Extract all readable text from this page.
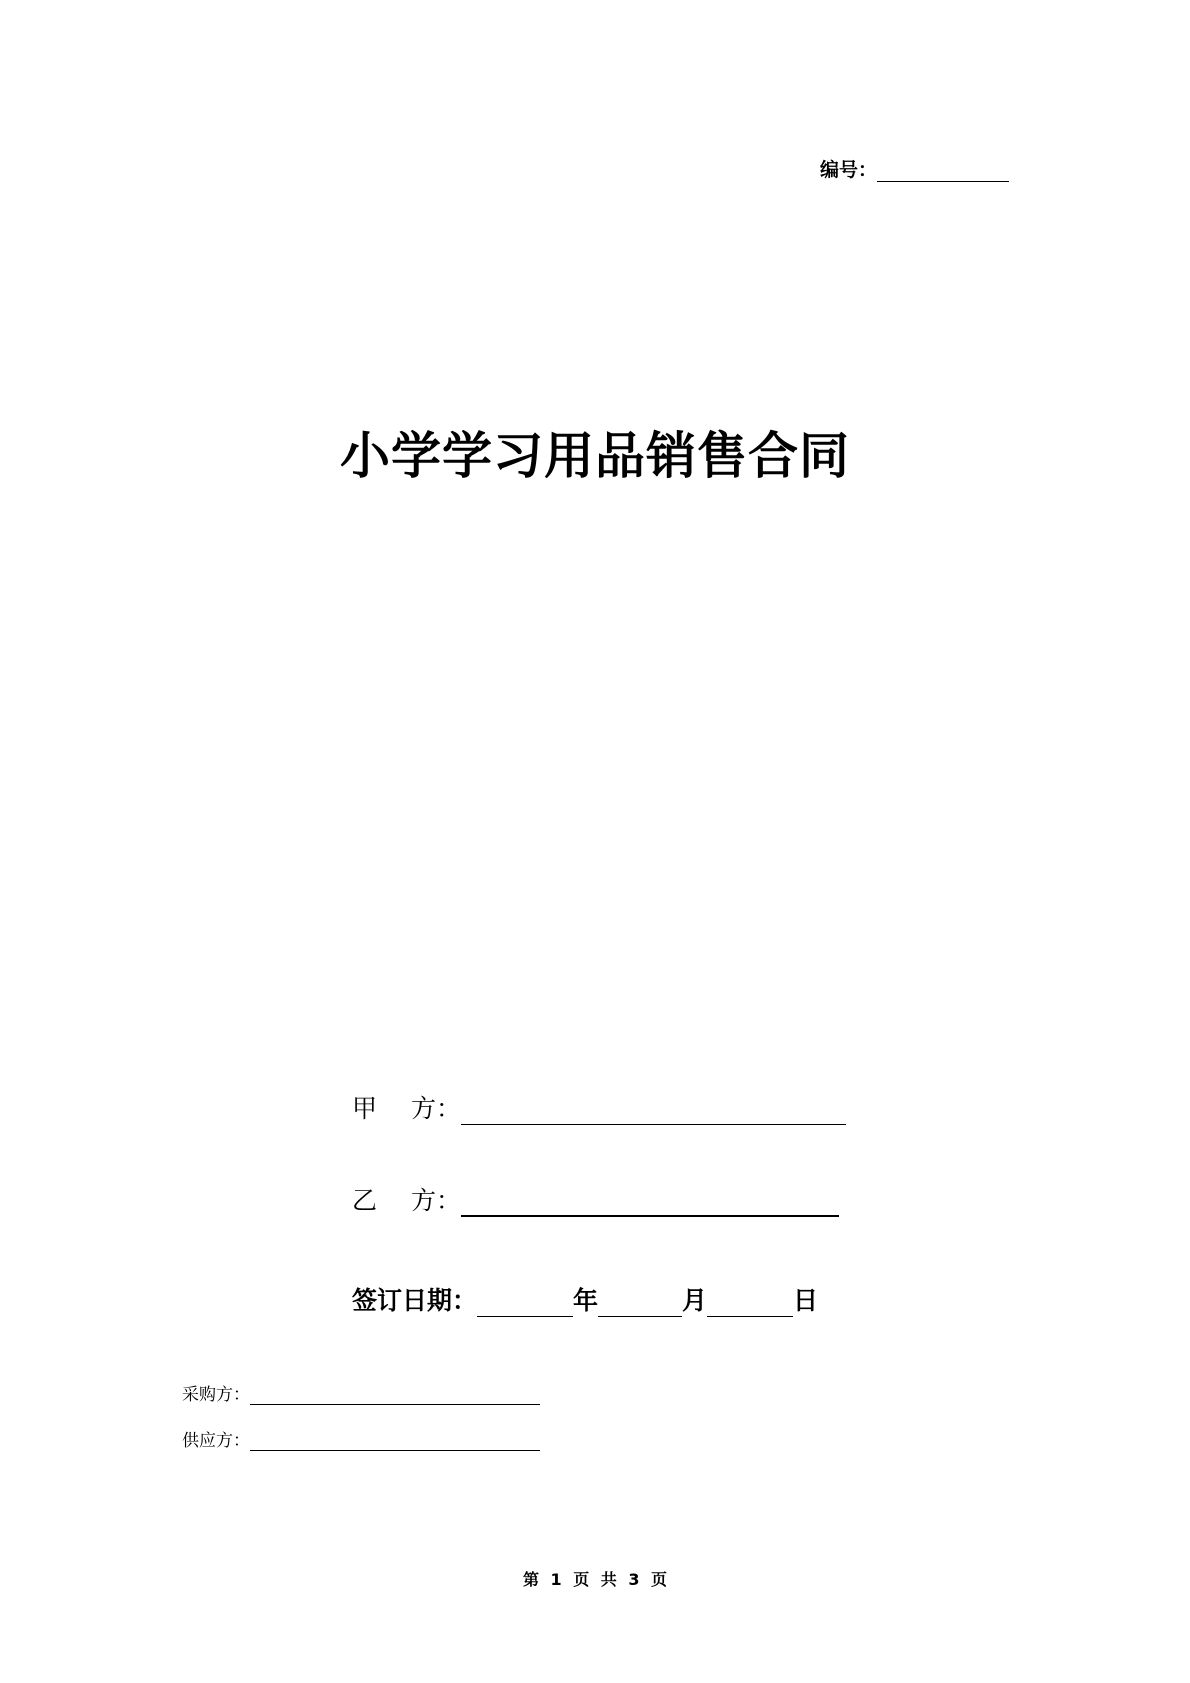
编号：
小学学习用品销售合同
甲 方：
乙 方：
签订日期：	年	月	日
采购方：
供应方：
第 1 页 共 3 页
